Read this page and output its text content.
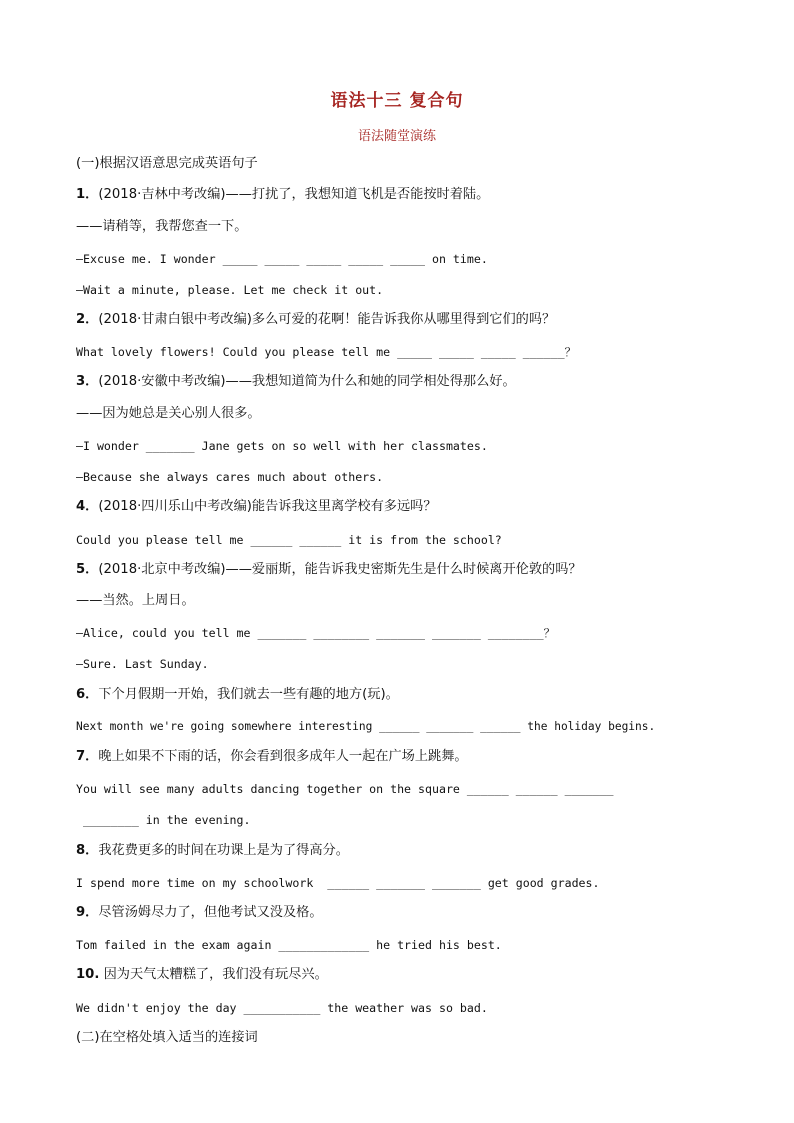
语法十三 复合句
语法随堂演练
(一)根据汉语意思完成英语句子
1．(2018·吉林中考改编)——打扰了，我想知道飞机是否能按时着陆。
——请稍等，我帮您查一下。
—Excuse me. I wonder _____ _____ _____ _____ _____ on time.
—Wait a minute, please. Let me check it out.
2．(2018·甘肃白银中考改编)多么可爱的花啊！能告诉我你从哪里得到它们的吗？
What lovely flowers! Could you please tell me _____ _____ _____ ______？
3．(2018·安徽中考改编)——我想知道简为什么和她的同学相处得那么好。
——因为她总是关心别人很多。
—I wonder _______ Jane gets on so well with her classmates.
—Because she always cares much about others.
4．(2018·四川乐山中考改编)能告诉我这里离学校有多远吗？
Could you please tell me ______ ______ it is from the school?
5．(2018·北京中考改编)——爱丽斯，能告诉我史密斯先生是什么时候离开伦敦的吗？
——当然。上周日。
—Alice, could you tell me _______ ________ _______ _______ ________？
—Sure. Last Sunday.
6．下个月假期一开始，我们就去一些有趣的地方(玩)。
Next month we're going somewhere interesting ______ _______ ______ the holiday begins.
7．晚上如果不下雨的话，你会看到很多成年人一起在广场上跳舞。
You will see many adults dancing together on the square ______ ______ _______
________ in the evening.
8．我花费更多的时间在功课上是为了得高分。
I spend more time on my schoolwork  ______ _______ _______ get good grades.
9．尽管汤姆尽力了，但他考试又没及格。
Tom failed in the exam again _____________ he tried his best.
10. 因为天气太糟糕了，我们没有玩尽兴。
We didn't enjoy the day ___________ the weather was so bad.
(二)在空格处填入适当的连接词
